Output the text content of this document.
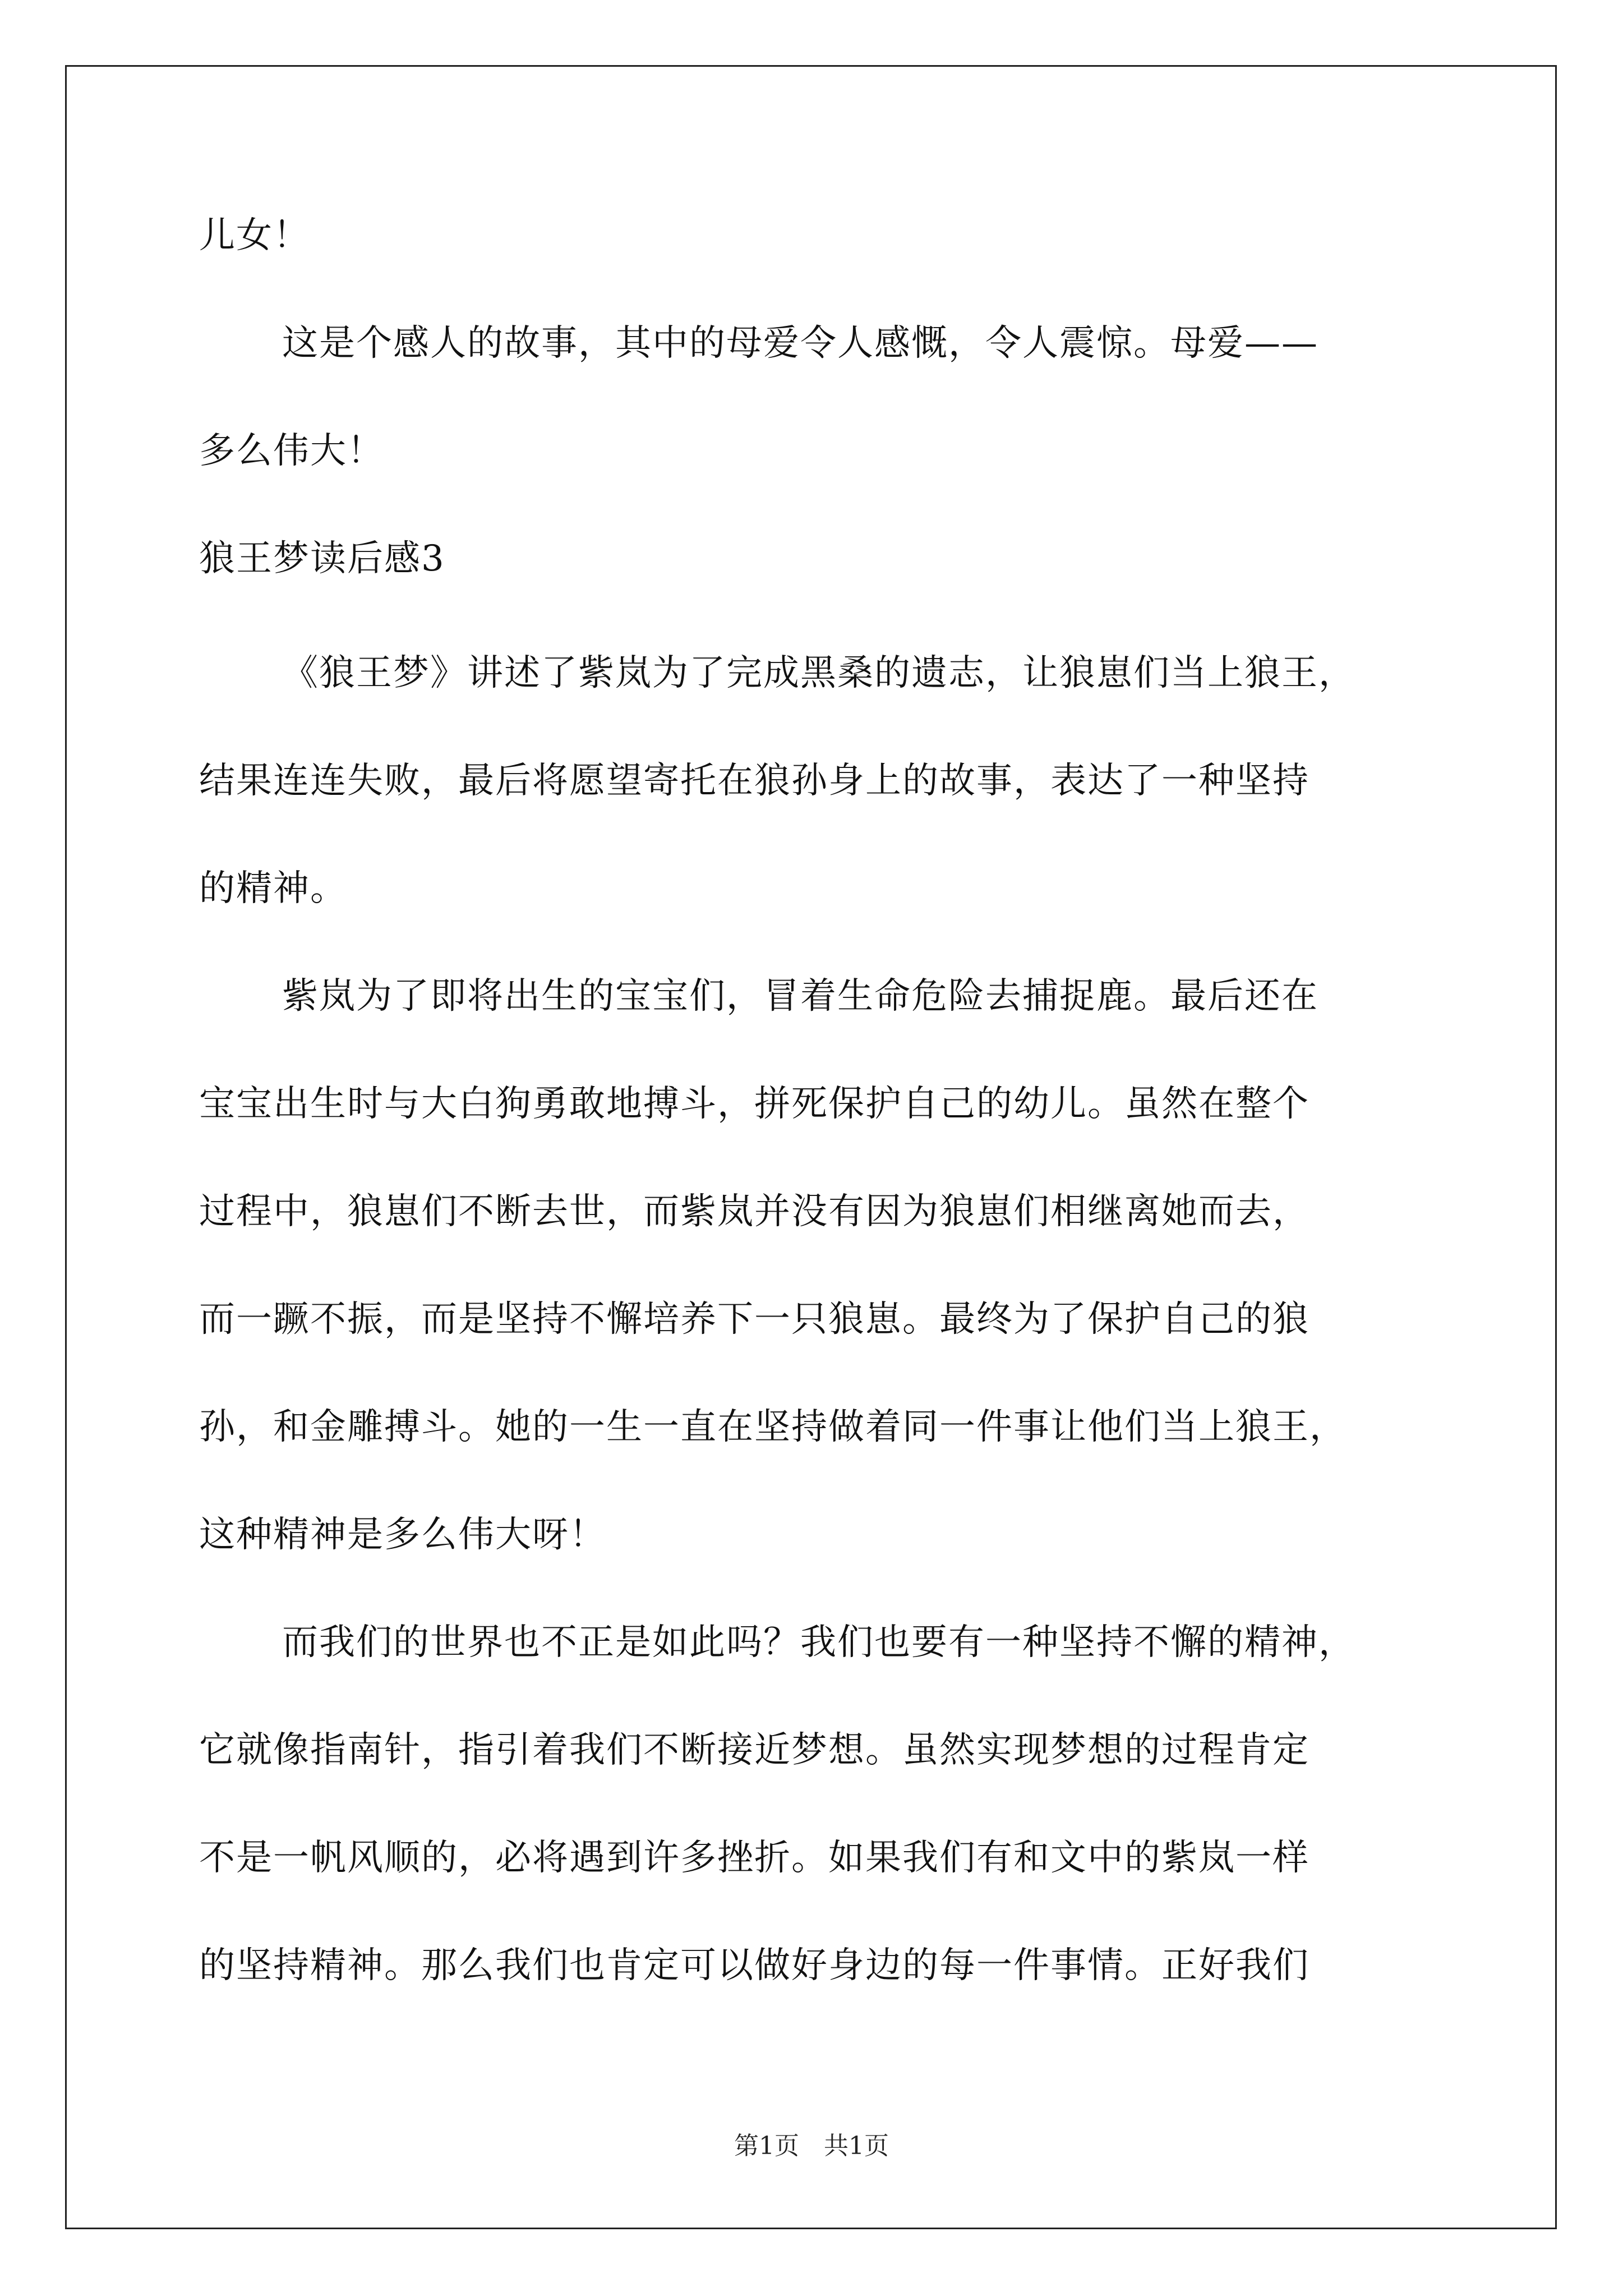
儿女！
这是个感人的故事，其中的母爱令人感慨，令人震惊。母爱——
多么伟大！
狼王梦读后感3
《狼王梦》讲述了紫岚为了完成黑桑的遗志，让狼崽们当上狼王，
结果连连失败，最后将愿望寄托在狼孙身上的故事，表达了一种坚持
的精神。
紫岚为了即将出生的宝宝们，冒着生命危险去捕捉鹿。最后还在
宝宝出生时与大白狗勇敢地搏斗，拼死保护自己的幼儿。虽然在整个
过程中，狼崽们不断去世，而紫岚并没有因为狼崽们相继离她而去，
而一蹶不振，而是坚持不懈培养下一只狼崽。最终为了保护自己的狼
孙，和金雕搏斗。她的一生一直在坚持做着同一件事让他们当上狼王，
这种精神是多么伟大呀！
而我们的世界也不正是如此吗？我们也要有一种坚持不懈的精神，
它就像指南针，指引着我们不断接近梦想。虽然实现梦想的过程肯定
不是一帆风顺的，必将遇到许多挫折。如果我们有和文中的紫岚一样
的坚持精神。那么我们也肯定可以做好身边的每一件事情。正好我们
第1页　共1页
